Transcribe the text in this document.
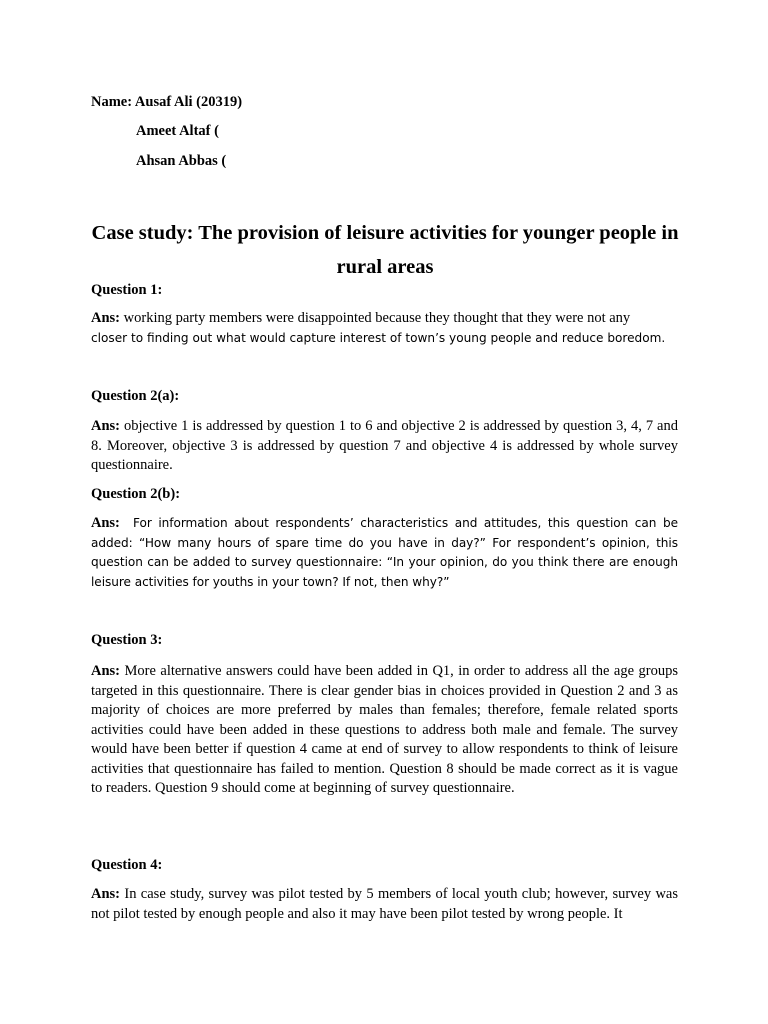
Name: Ausaf Ali (20319)
Ameet Altaf (
Ahsan Abbas (
Case study: The provision of leisure activities for younger people in rural areas
Question 1:
Ans: working party members were disappointed because they thought that they were not any
closer to finding out what would capture interest of town’s young people and reduce boredom.
Question 2(a):
Ans: objective 1 is addressed by question 1 to 6 and objective 2 is addressed by question 3, 4, 7 and 8. Moreover, objective 3 is addressed by question 7 and objective 4 is addressed by whole survey questionnaire.
Question 2(b):
Ans: For information about respondents’ characteristics and attitudes, this question can be added: “How many hours of spare time do you have in day?” For respondent’s opinion, this question can be added to survey questionnaire: “In your opinion, do you think there are enough leisure activities for youths in your town? If not, then why?”
Question 3:
Ans: More alternative answers could have been added in Q1, in order to address all the age groups targeted in this questionnaire. There is clear gender bias in choices provided in Question 2 and 3 as majority of choices are more preferred by males than females; therefore, female related sports activities could have been added in these questions to address both male and female. The survey would have been better if question 4 came at end of survey to allow respondents to think of leisure activities that questionnaire has failed to mention. Question 8 should be made correct as it is vague to readers. Question 9 should come at beginning of survey questionnaire.
Question 4:
Ans: In case study, survey was pilot tested by 5 members of local youth club; however, survey was not pilot tested by enough people and also it may have been pilot tested by wrong people. It
